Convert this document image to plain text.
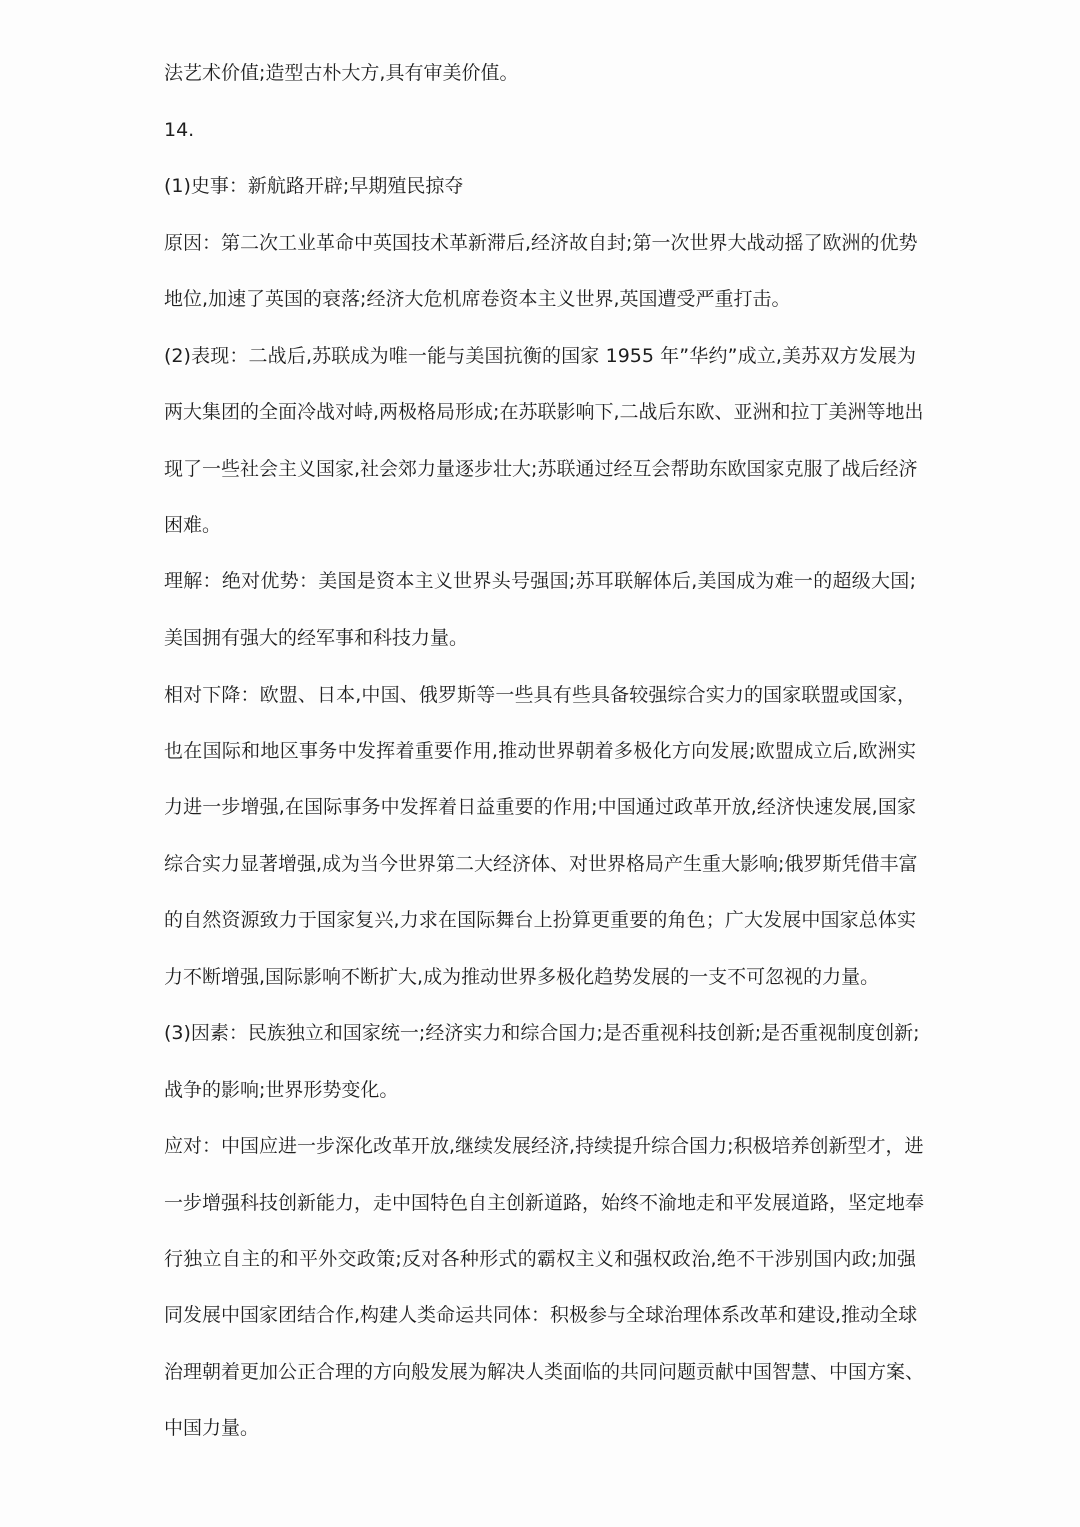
法艺术价值;造型古朴大方,具有审美价值。
14.
(1)史事：新航路开辟;早期殖民掠夺
原因：第二次工业革命中英国技术革新滞后,经济故自封;第一次世界大战动摇了欧洲的优势
地位,加速了英国的衰落;经济大危机席卷资本主义世界,英国遭受严重打击。
(2)表现：二战后,苏联成为唯一能与美国抗衡的国家 1955 年”华约”成立,美苏双方发展为
两大集团的全面冷战对峙,两极格局形成;在苏联影响下,二战后东欧、亚洲和拉丁美洲等地出
现了一些社会主义国家,社会郊力量逐步壮大;苏联通过经互会帮助东欧国家克服了战后经济
困难。
理解：绝对优势：美国是资本主义世界头号强国;苏耳联解体后,美国成为难一的超级大国;
美国拥有强大的经军事和科技力量。
相对下降：欧盟、日本,中国、俄罗斯等一些具有些具备较强综合实力的国家联盟或国家，
也在国际和地区事务中发挥着重要作用,推动世界朝着多极化方向发展;欧盟成立后,欧洲实
力进一步增强,在国际事务中发挥着日益重要的作用;中国通过政革开放,经济快速发展,国家
综合实力显著增强,成为当今世界第二大经济体、对世界格局产生重大影响;俄罗斯凭借丰富
的自然资源致力于国家复兴,力求在国际舞台上扮算更重要的角色；广大发展中国家总体实
力不断增强,国际影响不断扩大,成为推动世界多极化趋势发展的一支不可忽视的力量。
(3)因素：民族独立和国家统一;经济实力和综合国力;是否重视科技创新;是否重视制度创新;
战争的影响;世界形势变化。
应对：中国应进一步深化改革开放,继续发展经济,持续提升综合国力;积极培养创新型才，进
一步增强科技创新能力，走中国特色自主创新道路，始终不渝地走和平发展道路，坚定地奉
行独立自主的和平外交政策;反对各种形式的霸权主义和强权政治,绝不干涉别国内政;加强
同发展中国家团结合作,构建人类命运共同体：积极参与全球治理体系改革和建设,推动全球
治理朝着更加公正合理的方向般发展为解决人类面临的共同问题贡献中国智慧、中国方案、
中国力量。
